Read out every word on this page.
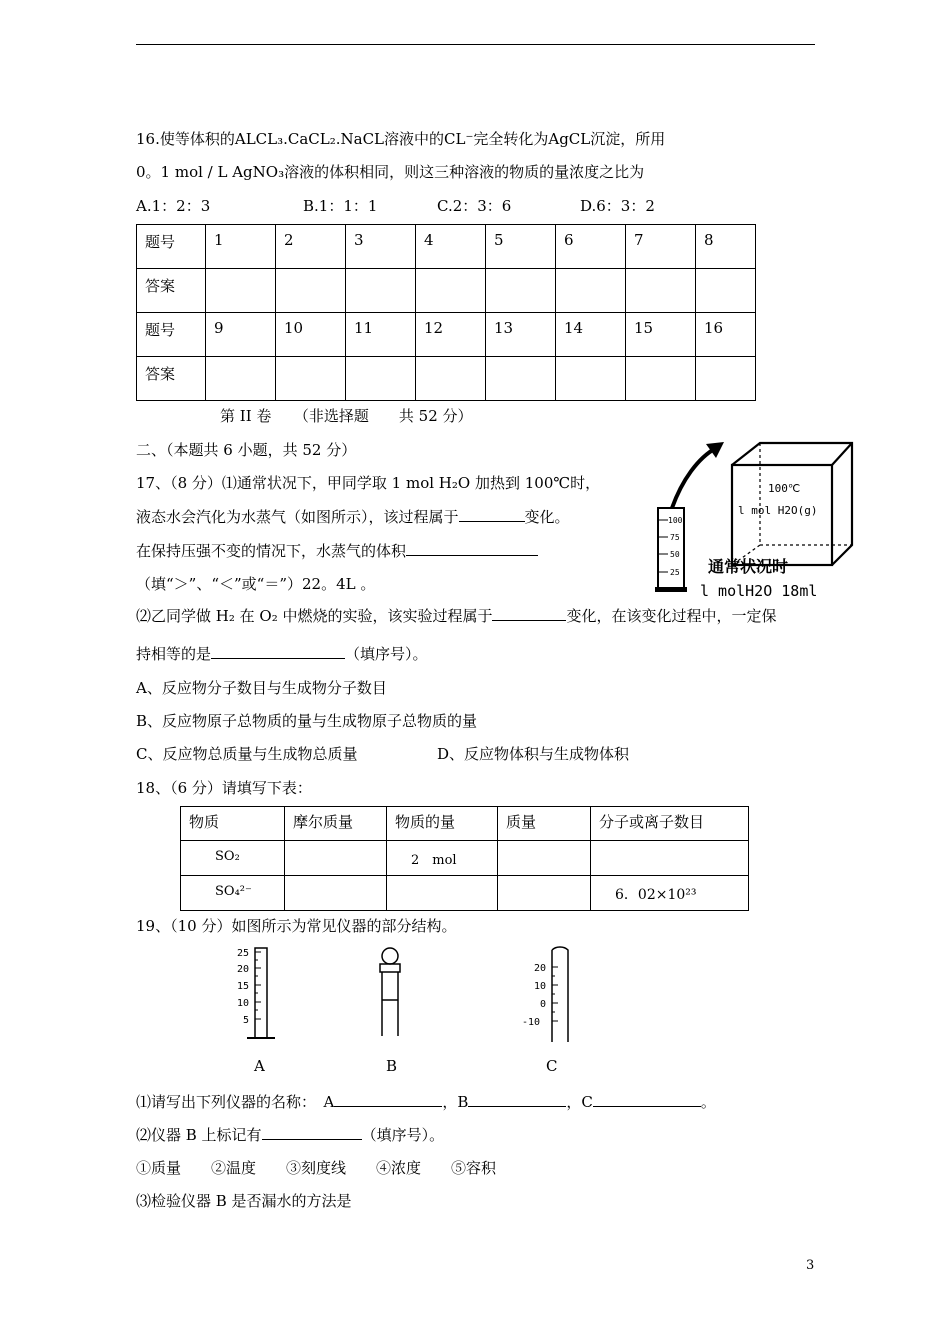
16.使等体积的ALCL₃.CaCL₂.NaCL溶液中的CL⁻完全转化为AgCL沉淀，所用
0。1 mol / L AgNO₃溶液的体积相同，则这三种溶液的物质的量浓度之比为
A.1：2：3	B.1：1：1	C.2：3：6	D.6：3：2
题号	1	2	3	4	5	6	7	8
答案								
题号	9	10	11	12	13	14	15	16
答案								
第 II 卷　　（非选择题　　共 52 分）
二、（本题共 6 小题，共 52 分）
17、（8 分）⑴通常状况下，甲同学取 1 mol H₂O 加热到 100℃时，
液态水会汽化为水蒸气（如图所示），该过程属于	变化。
在保持压强不变的情况下，水蒸气的体积
（填“＞”、“＜”或“＝”）22。4L 。
⑵乙同学做 H₂ 在 O₂ 中燃烧的实验，该实验过程属于	变化，在该变化过程中，一定保
持相等的是	（填序号）。
A、反应物分子数目与生成物分子数目
B、反应物原子总物质的量与生成物原子总物质的量
C、反应物总质量与生成物总质量	D、反应物体积与生成物体积
100℃
l mol H2O(g)
100
75
50
25 通常状况时
l molH2O 18ml
18、（6 分）请填写下表：
物质	摩尔质量	物质的量	质量	分子或离子数目
SO₂		2　mol		
SO₄²⁻				6．02×10²³
19、（10 分）如图所示为常见仪器的部分结构。
25
20
15
10
5
20
10
0
-10
A	B	C
⑴请写出下列仪器的名称：　A	，B	，C	。
⑵仪器 B 上标记有	（填序号）。
①质量　　②温度　　③刻度线　　④浓度　　⑤容积
⑶检验仪器 B 是否漏水的方法是
3
